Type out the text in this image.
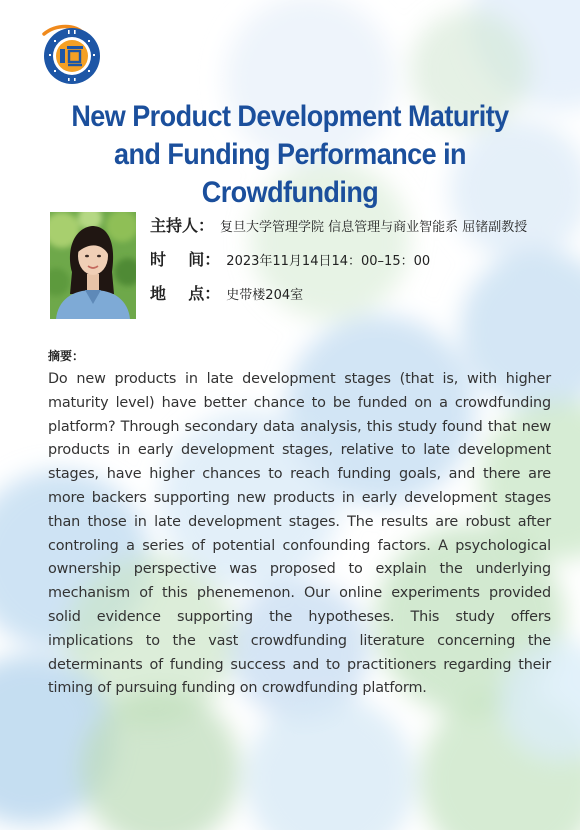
New Product Development Maturity and Funding Performance in Crowdfunding
主持人： 复旦大学管理学院 信息管理与商业智能系 屈锗副教授
时    间： 2023年11月14日14：00–15：00
地    点： 史带楼204室
摘要：

Do new products in late development stages (that is, with higher maturity level) have better chance to be funded on a crowdfunding platform? Through secondary data analysis, this study found that new products in early development stages, relative to late development stages, have higher chances to reach funding goals, and there are more backers supporting new products in early development stages than those in late development stages. The results are robust after controling a series of potential confounding factors. A psychological ownership perspective was proposed to explain the underlying mechanism of this phenemenon. Our online experiments provided solid evidence supporting the hypotheses. This study offers implications to the vast crowdfunding literature concerning the determinants of funding success and to practitioners regarding their timing of pursuing funding on crowdfunding platform.
